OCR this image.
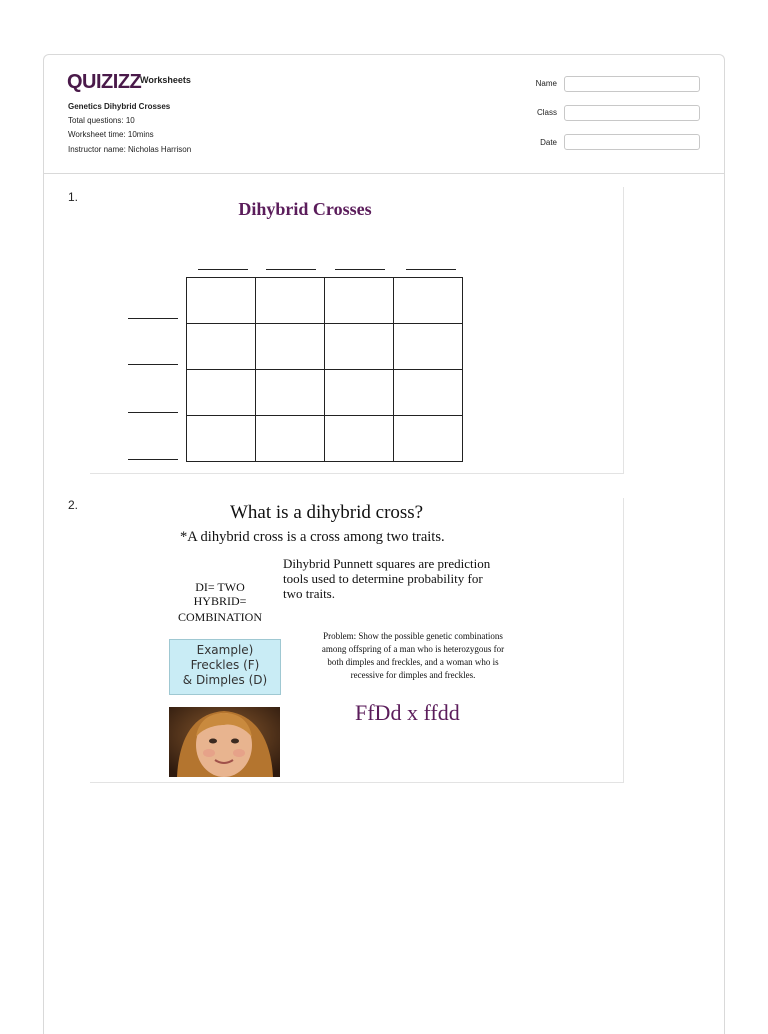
QUIZIZZ
Worksheets
Genetics Dihybrid Crosses
Total questions: 10
Worksheet time: 10mins
Instructor name: Nicholas Harrison
Name
Class
Date
1.
Dihybrid Crosses

2.	What is a dihybrid cross?
*A dihybrid cross is a cross among two traits.
Dihybrid Punnett squares are prediction tools used to determine probability for two traits.
DI= TWO
HYBRID=
COMBINATION
Example)
Freckles (F)
& Dimples (D)
Problem: Show the possible genetic combinations among offspring of a man who is heterozygous for both dimples and freckles, and a woman who is recessive for dimples and freckles.
FfDd x ffdd
